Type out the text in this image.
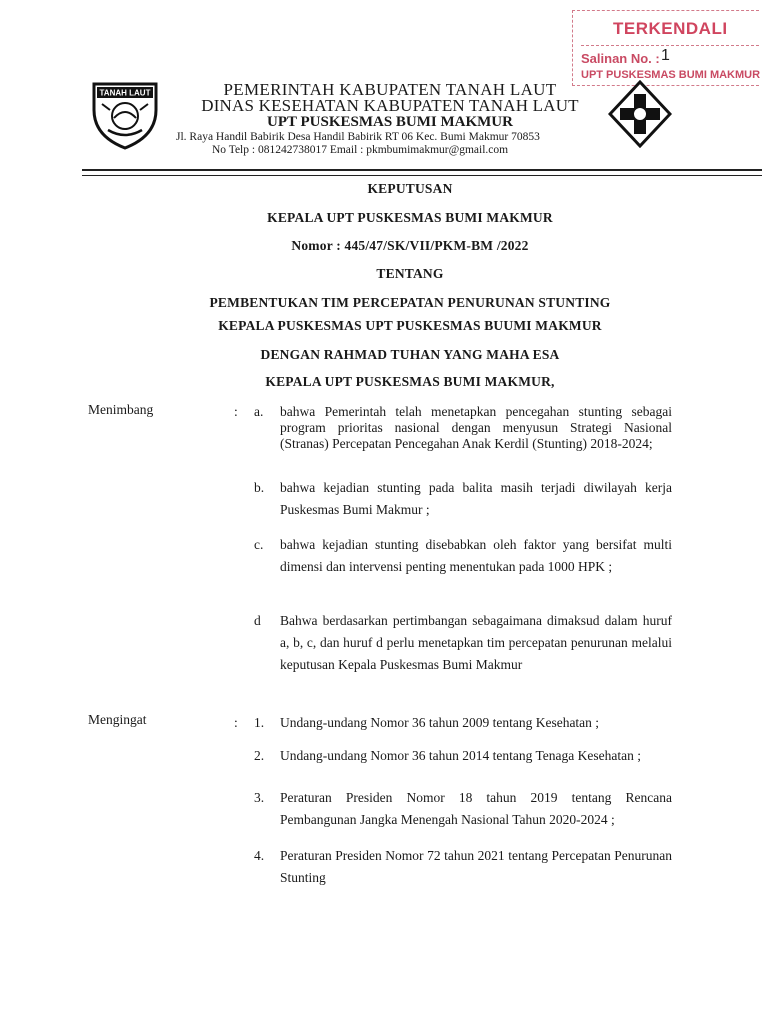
TERKENDALI
Salinan No. : 1
UPT PUSKESMAS BUMI MAKMUR
TANAH LAUT	PEMERINTAH KABUPATEN TANAH LAUT
DINAS KESEHATAN KABUPATEN TANAH LAUT
UPT PUSKESMAS BUMI MAKMUR
Jl. Raya Handil Babirik Desa Handil Babirik RT 06 Kec. Bumi Makmur 70853
No Telp : 081242738017 Email : pkmbumimakmur@gmail.com
KEPUTUSAN
KEPALA UPT PUSKESMAS BUMI MAKMUR
Nomor : 445/47/SK/VII/PKM-BM /2022
TENTANG
PEMBENTUKAN TIM PERCEPATAN PENURUNAN STUNTING
KEPALA PUSKESMAS UPT PUSKESMAS BUUMI MAKMUR
DENGAN RAHMAD TUHAN YANG MAHA ESA
KEPALA UPT PUSKESMAS BUMI MAKMUR,
Menimbang	: a. bahwa Pemerintah telah menetapkan pencegahan stunting sebagai program prioritas nasional dengan menyusun Strategi Nasional (Stranas) Percepatan Pencegahan Anak Kerdil (Stunting) 2018-2024;
b. bahwa kejadian stunting pada balita masih terjadi diwilayah kerja Puskesmas Bumi Makmur ;
c. bahwa kejadian stunting disebabkan oleh faktor yang bersifat multi dimensi dan intervensi penting menentukan pada 1000 HPK ;
d Bahwa berdasarkan pertimbangan sebagaimana dimaksud dalam huruf a, b, c, dan huruf d perlu menetapkan tim percepatan penurunan melalui keputusan Kepala Puskesmas Bumi Makmur
Mengingat	: 1. Undang-undang Nomor 36 tahun 2009 tentang Kesehatan ;
2. Undang-undang Nomor 36 tahun 2014 tentang Tenaga Kesehatan ;
3. Peraturan Presiden Nomor 18 tahun 2019 tentang Rencana Pembangunan Jangka Menengah Nasional Tahun 2020-2024 ;
4. Peraturan Presiden Nomor 72 tahun 2021 tentang Percepatan Penurunan Stunting
